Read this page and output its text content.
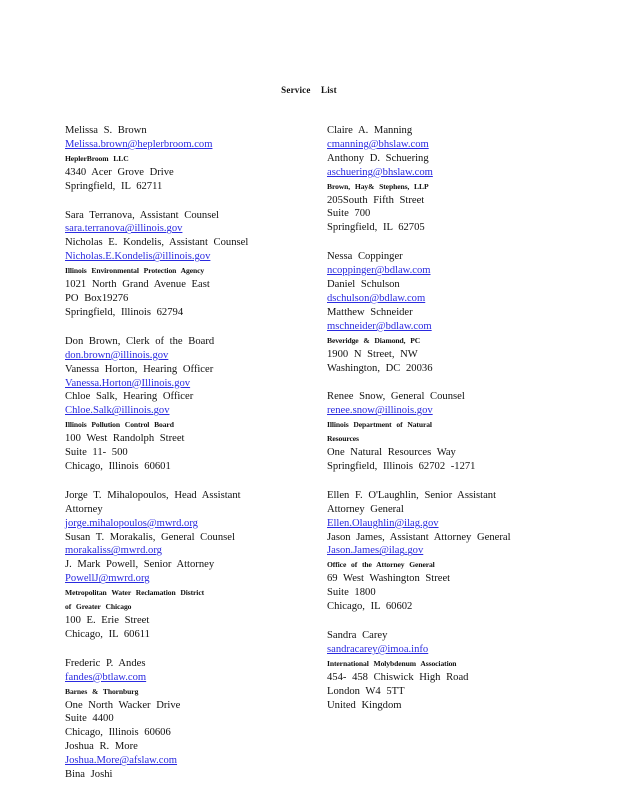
Service List
Melissa S. Brown
Melissa.brown@heplerbroom.com
HeplerBroom LLC
4340 Acer Grove Drive
Springfield, IL 62711
Sara Terranova, Assistant Counsel
sara.terranova@illinois.gov
Nicholas E. Kondelis, Assistant Counsel
Nicholas.E.Kondelis@illinois.gov
Illinois Environmental Protection Agency
1021 North Grand Avenue East
PO Box19276
Springfield, Illinois 62794
Don Brown, Clerk of the Board
don.brown@illinois.gov
Vanessa Horton, Hearing Officer
Vanessa.Horton@Illinois.gov
Chloe Salk, Hearing Officer
Chloe.Salk@illinois.gov
Illinois Pollution Control Board
100 West Randolph Street
Suite 11- 500
Chicago, Illinois 60601
Jorge T. Mihalopoulos, Head Assistant
Attorney
jorge.mihalopoulos@mwrd.org
Susan T. Morakalis, General Counsel
morakaliss@mwrd.org
J. Mark Powell, Senior Attorney
PowellJ@mwrd.org
Metropolitan Water Reclamation District
of Greater Chicago
100 E. Erie Street
Chicago, IL 60611
Frederic P. Andes
fandes@btlaw.com
Barnes & Thornburg
One North Wacker Drive
Suite 4400
Chicago, Illinois 60606
Joshua R. More
Joshua.More@afslaw.com
Bina Joshi
Claire A. Manning
cmanning@bhslaw.com
Anthony D. Schuering
aschuering@bhslaw.com
Brown, Hay& Stephens, LLP
205South Fifth Street
Suite 700
Springfield, IL 62705
Nessa Coppinger
ncoppinger@bdlaw.com
Daniel Schulson
dschulson@bdlaw.com
Matthew Schneider
mschneider@bdlaw.com
Beveridge & Diamond, PC
1900 N Street, NW
Washington, DC 20036
Renee Snow, General Counsel
renee.snow@illinois.gov
Illinois Department of Natural
Resources
One Natural Resources Way
Springfield, Illinois 62702 -1271
Ellen F. O'Laughlin, Senior Assistant
Attorney General
Ellen.Olaughlin@ilag.gov
Jason James, Assistant Attorney General
Jason.James@ilag.gov
Office of the Attorney General
69 West Washington Street
Suite 1800
Chicago, IL 60602
Sandra Carey
sandracarey@imoa.info
International Molybdenum Association
454- 458 Chiswick High Road
London W4 5TT
United Kingdom
